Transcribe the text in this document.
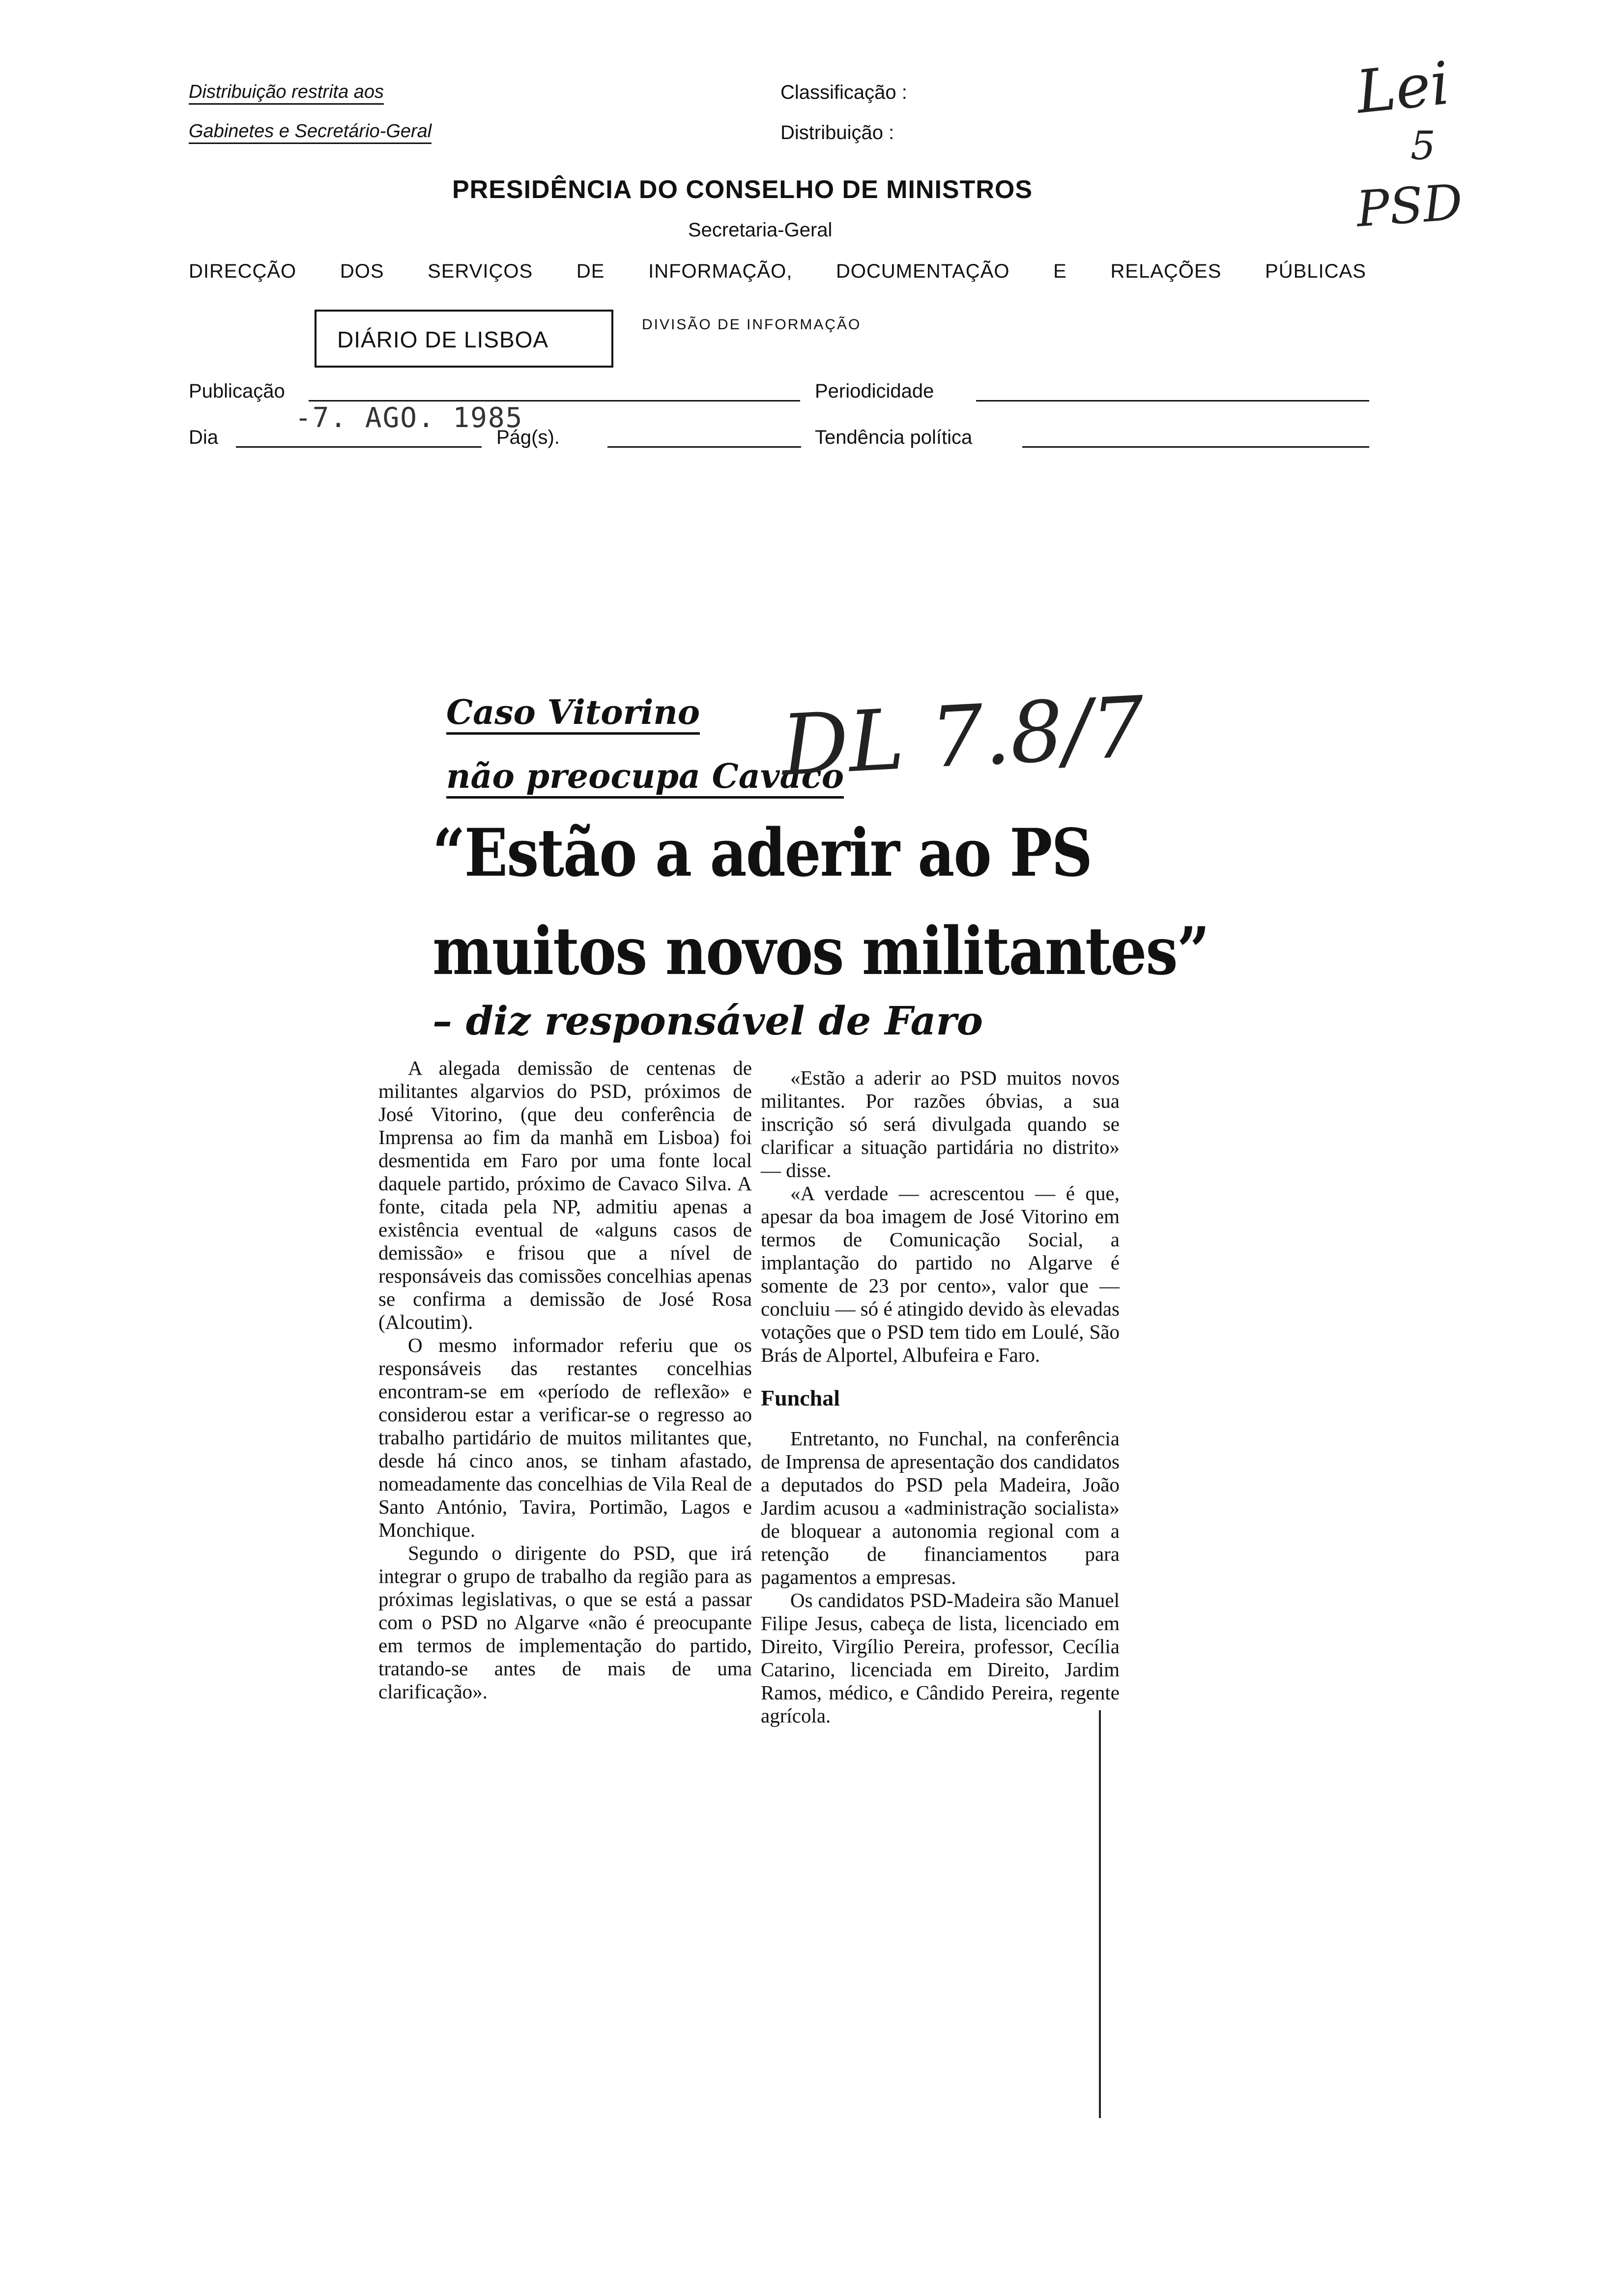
Distribuição restrita aos
Gabinetes e Secretário-Geral
Classificação :
Distribuição :
Lei
5
PSD
PRESIDÊNCIA DO CONSELHO DE MINISTROS
Secretaria-Geral
DIRECÇÃO DOS SERVIÇOS DE INFORMAÇÃO, DOCUMENTAÇÃO E RELAÇÕES PÚBLICAS
DIÁRIO DE LISBOA
DIVISÃO DE INFORMAÇÃO
Publicação	Periodicidade
-7. AGO. 1985
Dia	Pág(s).	Tendência política
Caso Vitorino
não preocupa Cavaco
DL 7.8/7
“Estão a aderir ao PS
muitos novos militantes”
– diz responsável de Faro

A alegada demissão de centenas de militantes algarvios do PSD, próximos de José Vitorino, (que deu conferência de Imprensa ao fim da manhã em Lisboa) foi desmentida em Faro por uma fonte local daquele partido, próximo de Cavaco Silva. A fonte, citada pela NP, admitiu apenas a existência eventual de «alguns casos de demissão» e frisou que a nível de responsáveis das comissões concelhias apenas se confirma a demissão de José Rosa (Alcoutim).

O mesmo informador referiu que os responsáveis das restantes concelhias encontram-se em «período de reflexão» e considerou estar a verificar-se o regresso ao trabalho partidário de muitos militantes que, desde há cinco anos, se tinham afastado, nomeadamente das concelhias de Vila Real de Santo António, Tavira, Portimão, Lagos e Monchique.

Segundo o dirigente do PSD, que irá integrar o grupo de trabalho da região para as próximas legislativas, o que se está a passar com o PSD no Algarve «não é preocupante em termos de implementação do partido, tratando-se antes de mais de uma clarificação».

«Estão a aderir ao PSD muitos novos militantes. Por razões óbvias, a sua inscrição só será divulgada quando se clarificar a situação partidária no distrito» — disse.

«A verdade — acrescentou — é que, apesar da boa imagem de José Vitorino em termos de Comunicação Social, a implantação do partido no Algarve é somente de 23 por cento», valor que — concluiu — só é atingido devido às elevadas votações que o PSD tem tido em Loulé, São Brás de Alportel, Albufeira e Faro.

Funchal

Entretanto, no Funchal, na conferência de Imprensa de apresentação dos candidatos a deputados do PSD pela Madeira, João Jardim acusou a «administração socialista» de bloquear a autonomia regional com a retenção de financiamentos para pagamentos a empresas.

Os candidatos PSD-Madeira são Manuel Filipe Jesus, cabeça de lista, licenciado em Direito, Virgílio Pereira, professor, Cecília Catarino, licenciada em Direito, Jardim Ramos, médico, e Cândido Pereira, regente agrícola.
